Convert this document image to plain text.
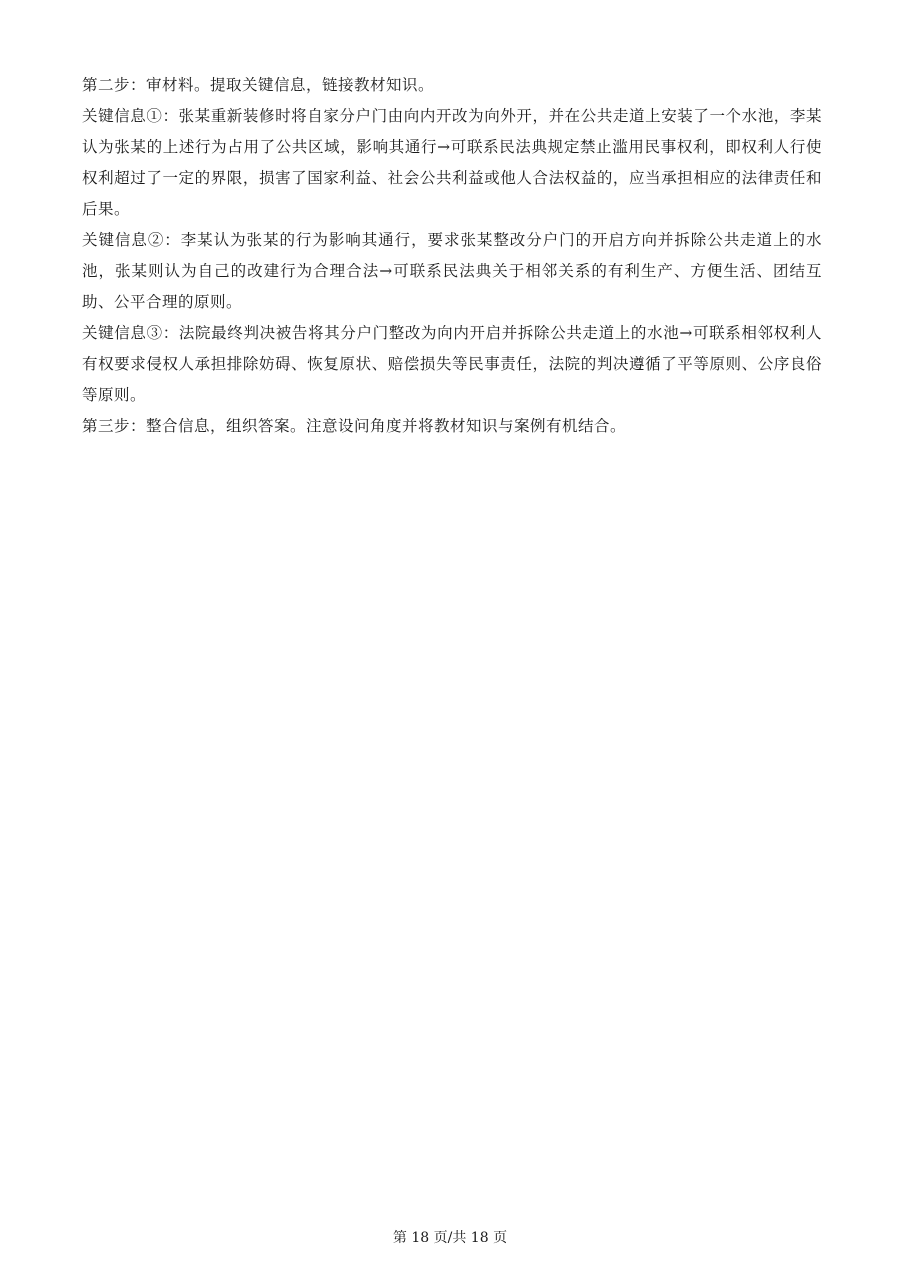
第二步：审材料。提取关键信息，链接教材知识。

关键信息①：张某重新装修时将自家分户门由向内开改为向外开，并在公共走道上安装了一个水池，李某认为张某的上述行为占用了公共区域，影响其通行→可联系民法典规定禁止滥用民事权利，即权利人行使权利超过了一定的界限，损害了国家利益、社会公共利益或他人合法权益的，应当承担相应的法律责任和后果。

关键信息②：李某认为张某的行为影响其通行，要求张某整改分户门的开启方向并拆除公共走道上的水池，张某则认为自己的改建行为合理合法→可联系民法典关于相邻关系的有利生产、方便生活、团结互助、公平合理的原则。

关键信息③：法院最终判决被告将其分户门整改为向内开启并拆除公共走道上的水池→可联系相邻权利人有权要求侵权人承担排除妨碍、恢复原状、赔偿损失等民事责任，法院的判决遵循了平等原则、公序良俗等原则。

第三步：整合信息，组织答案。注意设问角度并将教材知识与案例有机结合。

第 18 页/共 18 页
